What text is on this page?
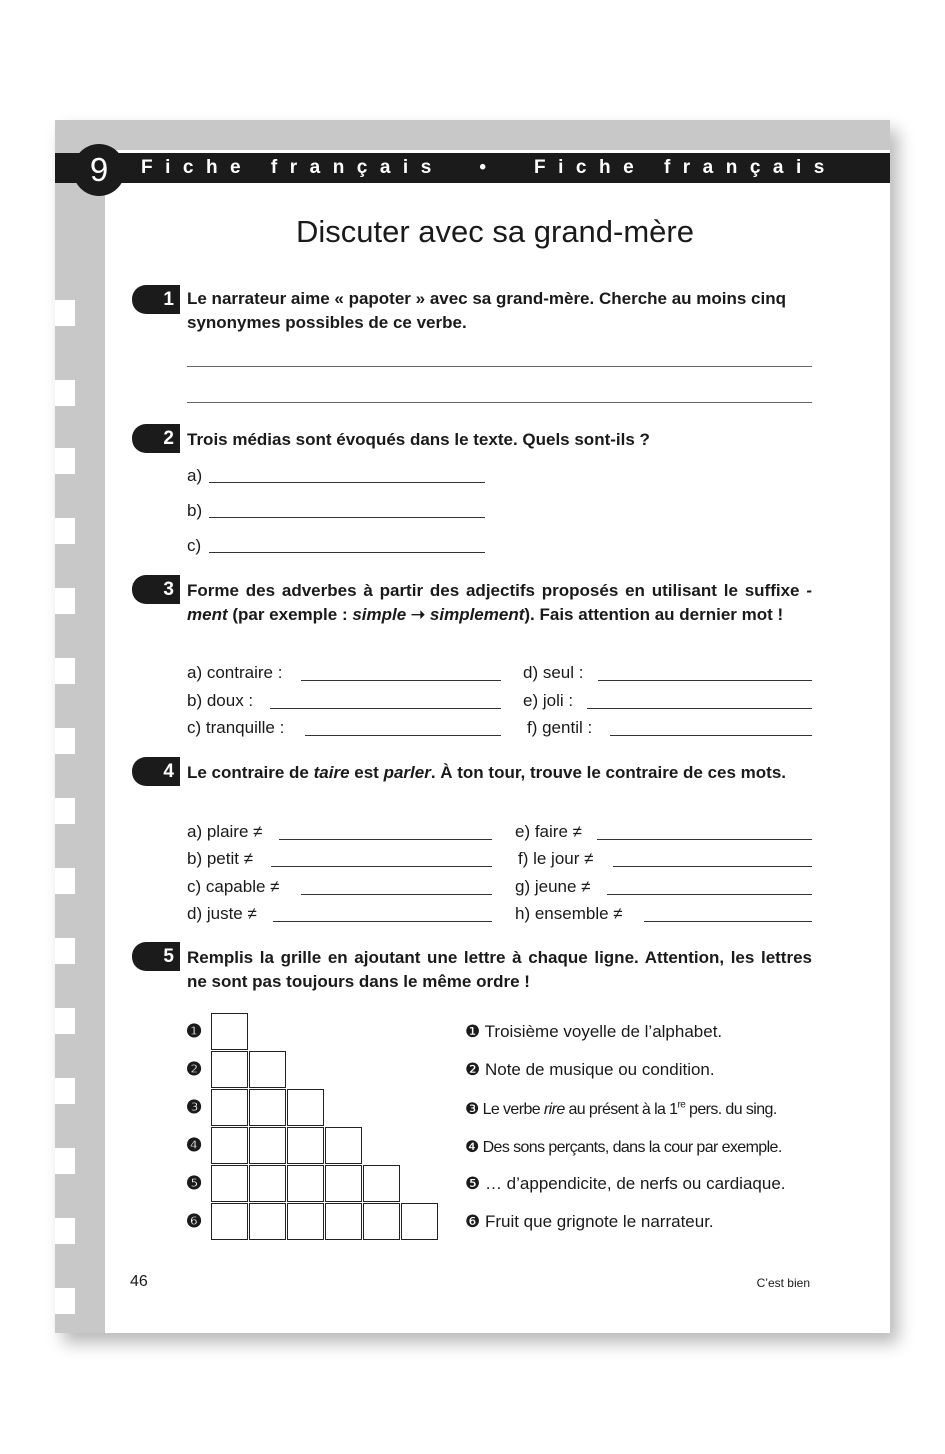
Fiche français  •  Fiche français
9
Discuter avec sa grand-mère
1 Le narrateur aime « papoter » avec sa grand-mère. Cherche au moins cinq synonymes possibles de ce verbe.
2 Trois médias sont évoqués dans le texte. Quels sont-ils ?
a)
b)
c)
3 Forme des adverbes à partir des adjectifs proposés en utilisant le suffixe -ment (par exemple : simple ➝ simplement). Fais attention au dernier mot !
a) contraire :
b) doux :
c) tranquille :
d) seul :
e) joli :
f) gentil :
4 Le contraire de taire est parler. À ton tour, trouve le contraire de ces mots.
a) plaire ≠
b) petit ≠
c) capable ≠
d) juste ≠
e) faire ≠
f) le jour ≠
g) jeune ≠
h) ensemble ≠
5 Remplis la grille en ajoutant une lettre à chaque ligne. Attention, les lettres ne sont pas toujours dans le même ordre !
❶
❷
❸
❹
❺
❻
❶ Troisième voyelle de l’alphabet.
❷ Note de musique ou condition.
❸ Le verbe rire au présent à la 1re pers. du sing.
❹ Des sons perçants, dans la cour par exemple.
❺ … d’appendicite, de nerfs ou cardiaque.
❻ Fruit que grignote le narrateur.
46	C’est bien
